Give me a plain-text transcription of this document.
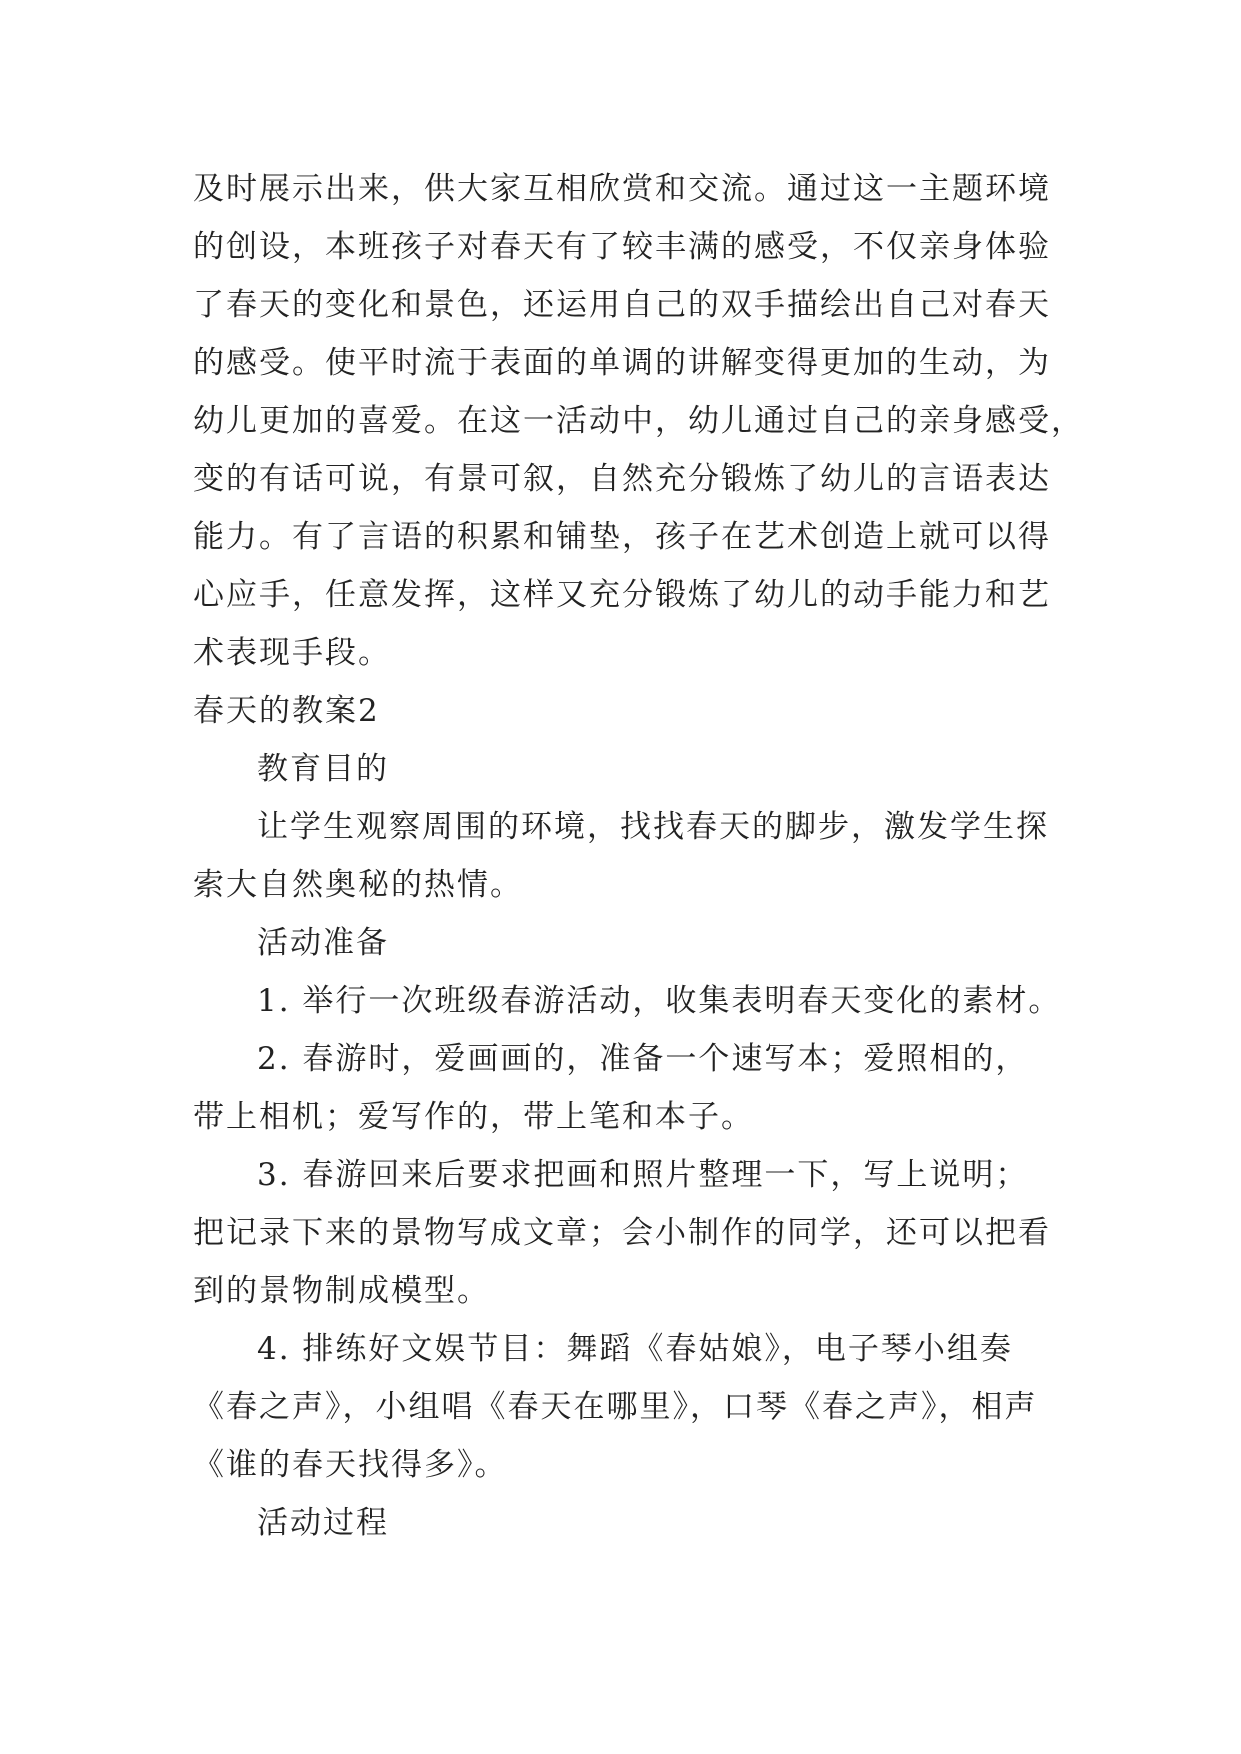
及时展示出来，供大家互相欣赏和交流。通过这一主题环境
的创设，本班孩子对春天有了较丰满的感受，不仅亲身体验
了春天的变化和景色，还运用自己的双手描绘出自己对春天
的感受。使平时流于表面的单调的讲解变得更加的生动，为
幼儿更加的喜爱。在这一活动中，幼儿通过自己的亲身感受，
变的有话可说，有景可叙，自然充分锻炼了幼儿的言语表达
能力。有了言语的积累和铺垫，孩子在艺术创造上就可以得
心应手，任意发挥，这样又充分锻炼了幼儿的动手能力和艺
术表现手段。

春天的教案2

教育目的

让学生观察周围的环境，找找春天的脚步，激发学生探
索大自然奥秘的热情。

活动准备

1. 举行一次班级春游活动，收集表明春天变化的素材。

2. 春游时，爱画画的，准备一个速写本；爱照相的，
带上相机；爱写作的，带上笔和本子。

3. 春游回来后要求把画和照片整理一下，写上说明；
把记录下来的景物写成文章；会小制作的同学，还可以把看
到的景物制成模型。

4. 排练好文娱节目：舞蹈《春姑娘》，电子琴小组奏
《春之声》，小组唱《春天在哪里》，口琴《春之声》，相声
《谁的春天找得多》。

活动过程
